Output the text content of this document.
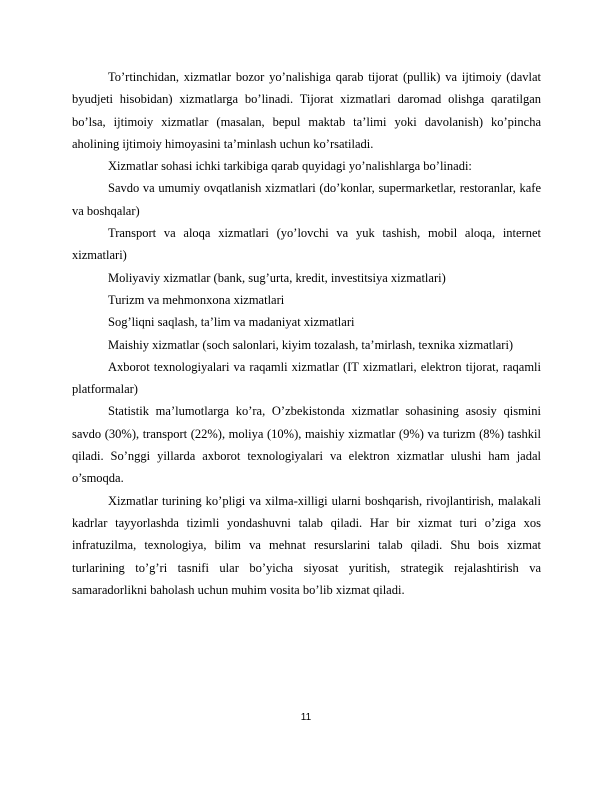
To’rtinchidan, xizmatlar bozor yo’nalishiga qarab tijorat (pullik) va ijtimoiy (davlat byudjeti hisobidan) xizmatlarga bo’linadi. Tijorat xizmatlari daromad olishga qaratilgan bo’lsa, ijtimoiy xizmatlar (masalan, bepul maktab ta’limi yoki davolanish) ko’pincha aholining ijtimoiy himoyasini ta’minlash uchun ko’rsatiladi.

Xizmatlar sohasi ichki tarkibiga qarab quyidagi yo’nalishlarga bo’linadi:

Savdo va umumiy ovqatlanish xizmatlari (do’konlar, supermarketlar, restoranlar, kafe va boshqalar)

Transport va aloqa xizmatlari (yo’lovchi va yuk tashish, mobil aloqa, internet xizmatlari)

Moliyaviy xizmatlar (bank, sug’urta, kredit, investitsiya xizmatlari)

Turizm va mehmonxona xizmatlari

Sog’liqni saqlash, ta’lim va madaniyat xizmatlari

Maishiy xizmatlar (soch salonlari, kiyim tozalash, ta’mirlash, texnika xizmatlari)

Axborot texnologiyalari va raqamli xizmatlar (IT xizmatlari, elektron tijorat, raqamli platformalar)

Statistik ma’lumotlarga ko’ra, O’zbekistonda xizmatlar sohasining asosiy qismini savdo (30%), transport (22%), moliya (10%), maishiy xizmatlar (9%) va turizm (8%) tashkil qiladi. So’nggi yillarda axborot texnologiyalari va elektron xizmatlar ulushi ham jadal o’smoqda.

Xizmatlar turining ko’pligi va xilma-xilligi ularni boshqarish, rivojlantirish, malakali kadrlar tayyorlashda tizimli yondashuvni talab qiladi. Har bir xizmat turi o’ziga xos infratuzilma, texnologiya, bilim va mehnat resurslarini talab qiladi. Shu bois xizmat turlarining to’g’ri tasnifi ular bo’yicha siyosat yuritish, strategik rejalashtirish va samaradorlikni baholash uchun muhim vosita bo’lib xizmat qiladi.

11
